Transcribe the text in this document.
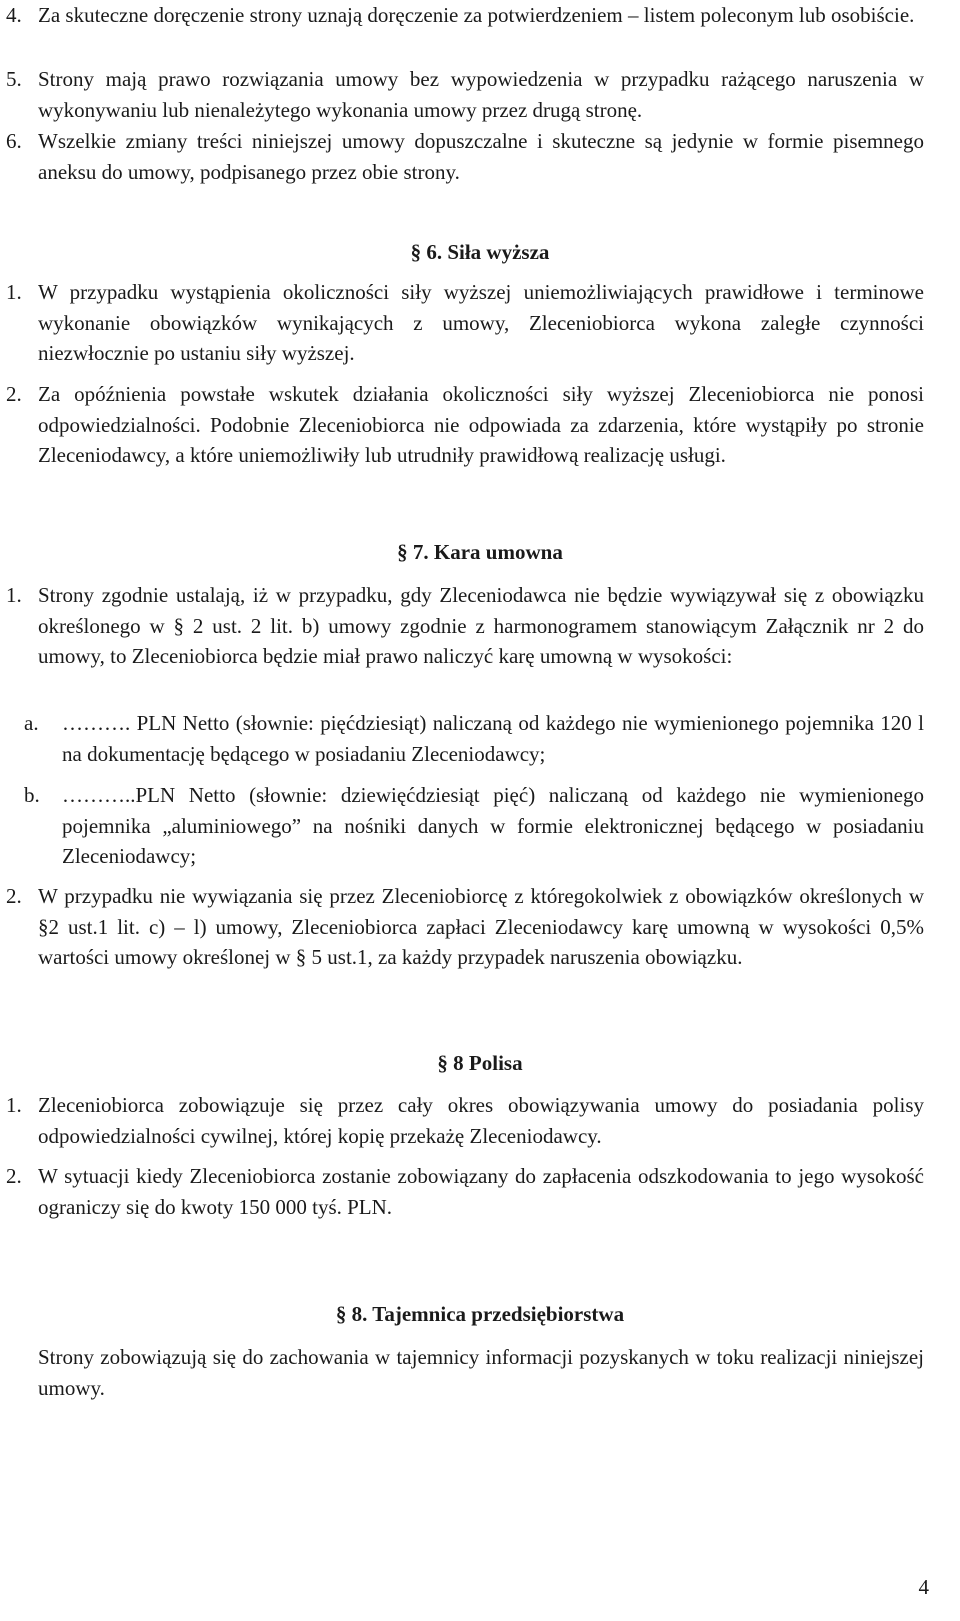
4. Za skuteczne doręczenie strony uznają doręczenie za potwierdzeniem – listem poleconym lub osobiście.

5. Strony mają prawo rozwiązania umowy bez wypowiedzenia w przypadku rażącego naruszenia w wykonywaniu lub nienależytego wykonania umowy przez drugą stronę.

6. Wszelkie zmiany treści niniejszej umowy dopuszczalne i skuteczne są jedynie w formie pisemnego aneksu do umowy, podpisanego przez obie strony.

§ 6. Siła wyższa

1. W przypadku wystąpienia okoliczności siły wyższej uniemożliwiających prawidłowe i terminowe wykonanie obowiązków wynikających z umowy, Zleceniobiorca wykona zaległe czynności niezwłocznie po ustaniu siły wyższej.

2. Za opóźnienia powstałe wskutek działania okoliczności siły wyższej Zleceniobiorca nie ponosi odpowiedzialności. Podobnie Zleceniobiorca nie odpowiada za zdarzenia, które wystąpiły po stronie Zleceniodawcy, a które uniemożliwiły lub utrudniły prawidłową realizację usługi.

§ 7. Kara umowna

1. Strony zgodnie ustalają, iż w przypadku, gdy Zleceniodawca nie będzie wywiązywał się z obowiązku określonego w § 2 ust. 2 lit. b) umowy zgodnie z harmonogramem stanowiącym Załącznik nr 2 do umowy, to Zleceniobiorca będzie miał prawo naliczyć karę umowną w wysokości:

a. ………. PLN Netto (słownie: pięćdziesiąt) naliczaną od każdego nie wymienionego pojemnika 120 l na dokumentację będącego w posiadaniu Zleceniodawcy;

b. ………..PLN Netto (słownie: dziewięćdziesiąt pięć) naliczaną od każdego nie wymienionego pojemnika „aluminiowego” na nośniki danych w formie elektronicznej będącego w posiadaniu Zleceniodawcy;

2. W przypadku nie wywiązania się przez Zleceniobiorcę z któregokolwiek z obowiązków określonych w §2 ust.1 lit. c) – l) umowy, Zleceniobiorca zapłaci Zleceniodawcy karę umowną w wysokości 0,5% wartości umowy określonej w § 5 ust.1, za każdy przypadek naruszenia obowiązku.

§ 8 Polisa

1. Zleceniobiorca zobowiązuje się przez cały okres obowiązywania umowy do posiadania polisy odpowiedzialności cywilnej, której kopię przekażę Zleceniodawcy.

2. W sytuacji kiedy Zleceniobiorca zostanie zobowiązany do zapłacenia odszkodowania to jego wysokość ograniczy się do kwoty 150 000 tyś. PLN.

§ 8. Tajemnica przedsiębiorstwa

Strony zobowiązują się do zachowania w tajemnicy informacji pozyskanych w toku realizacji niniejszej umowy.

4
